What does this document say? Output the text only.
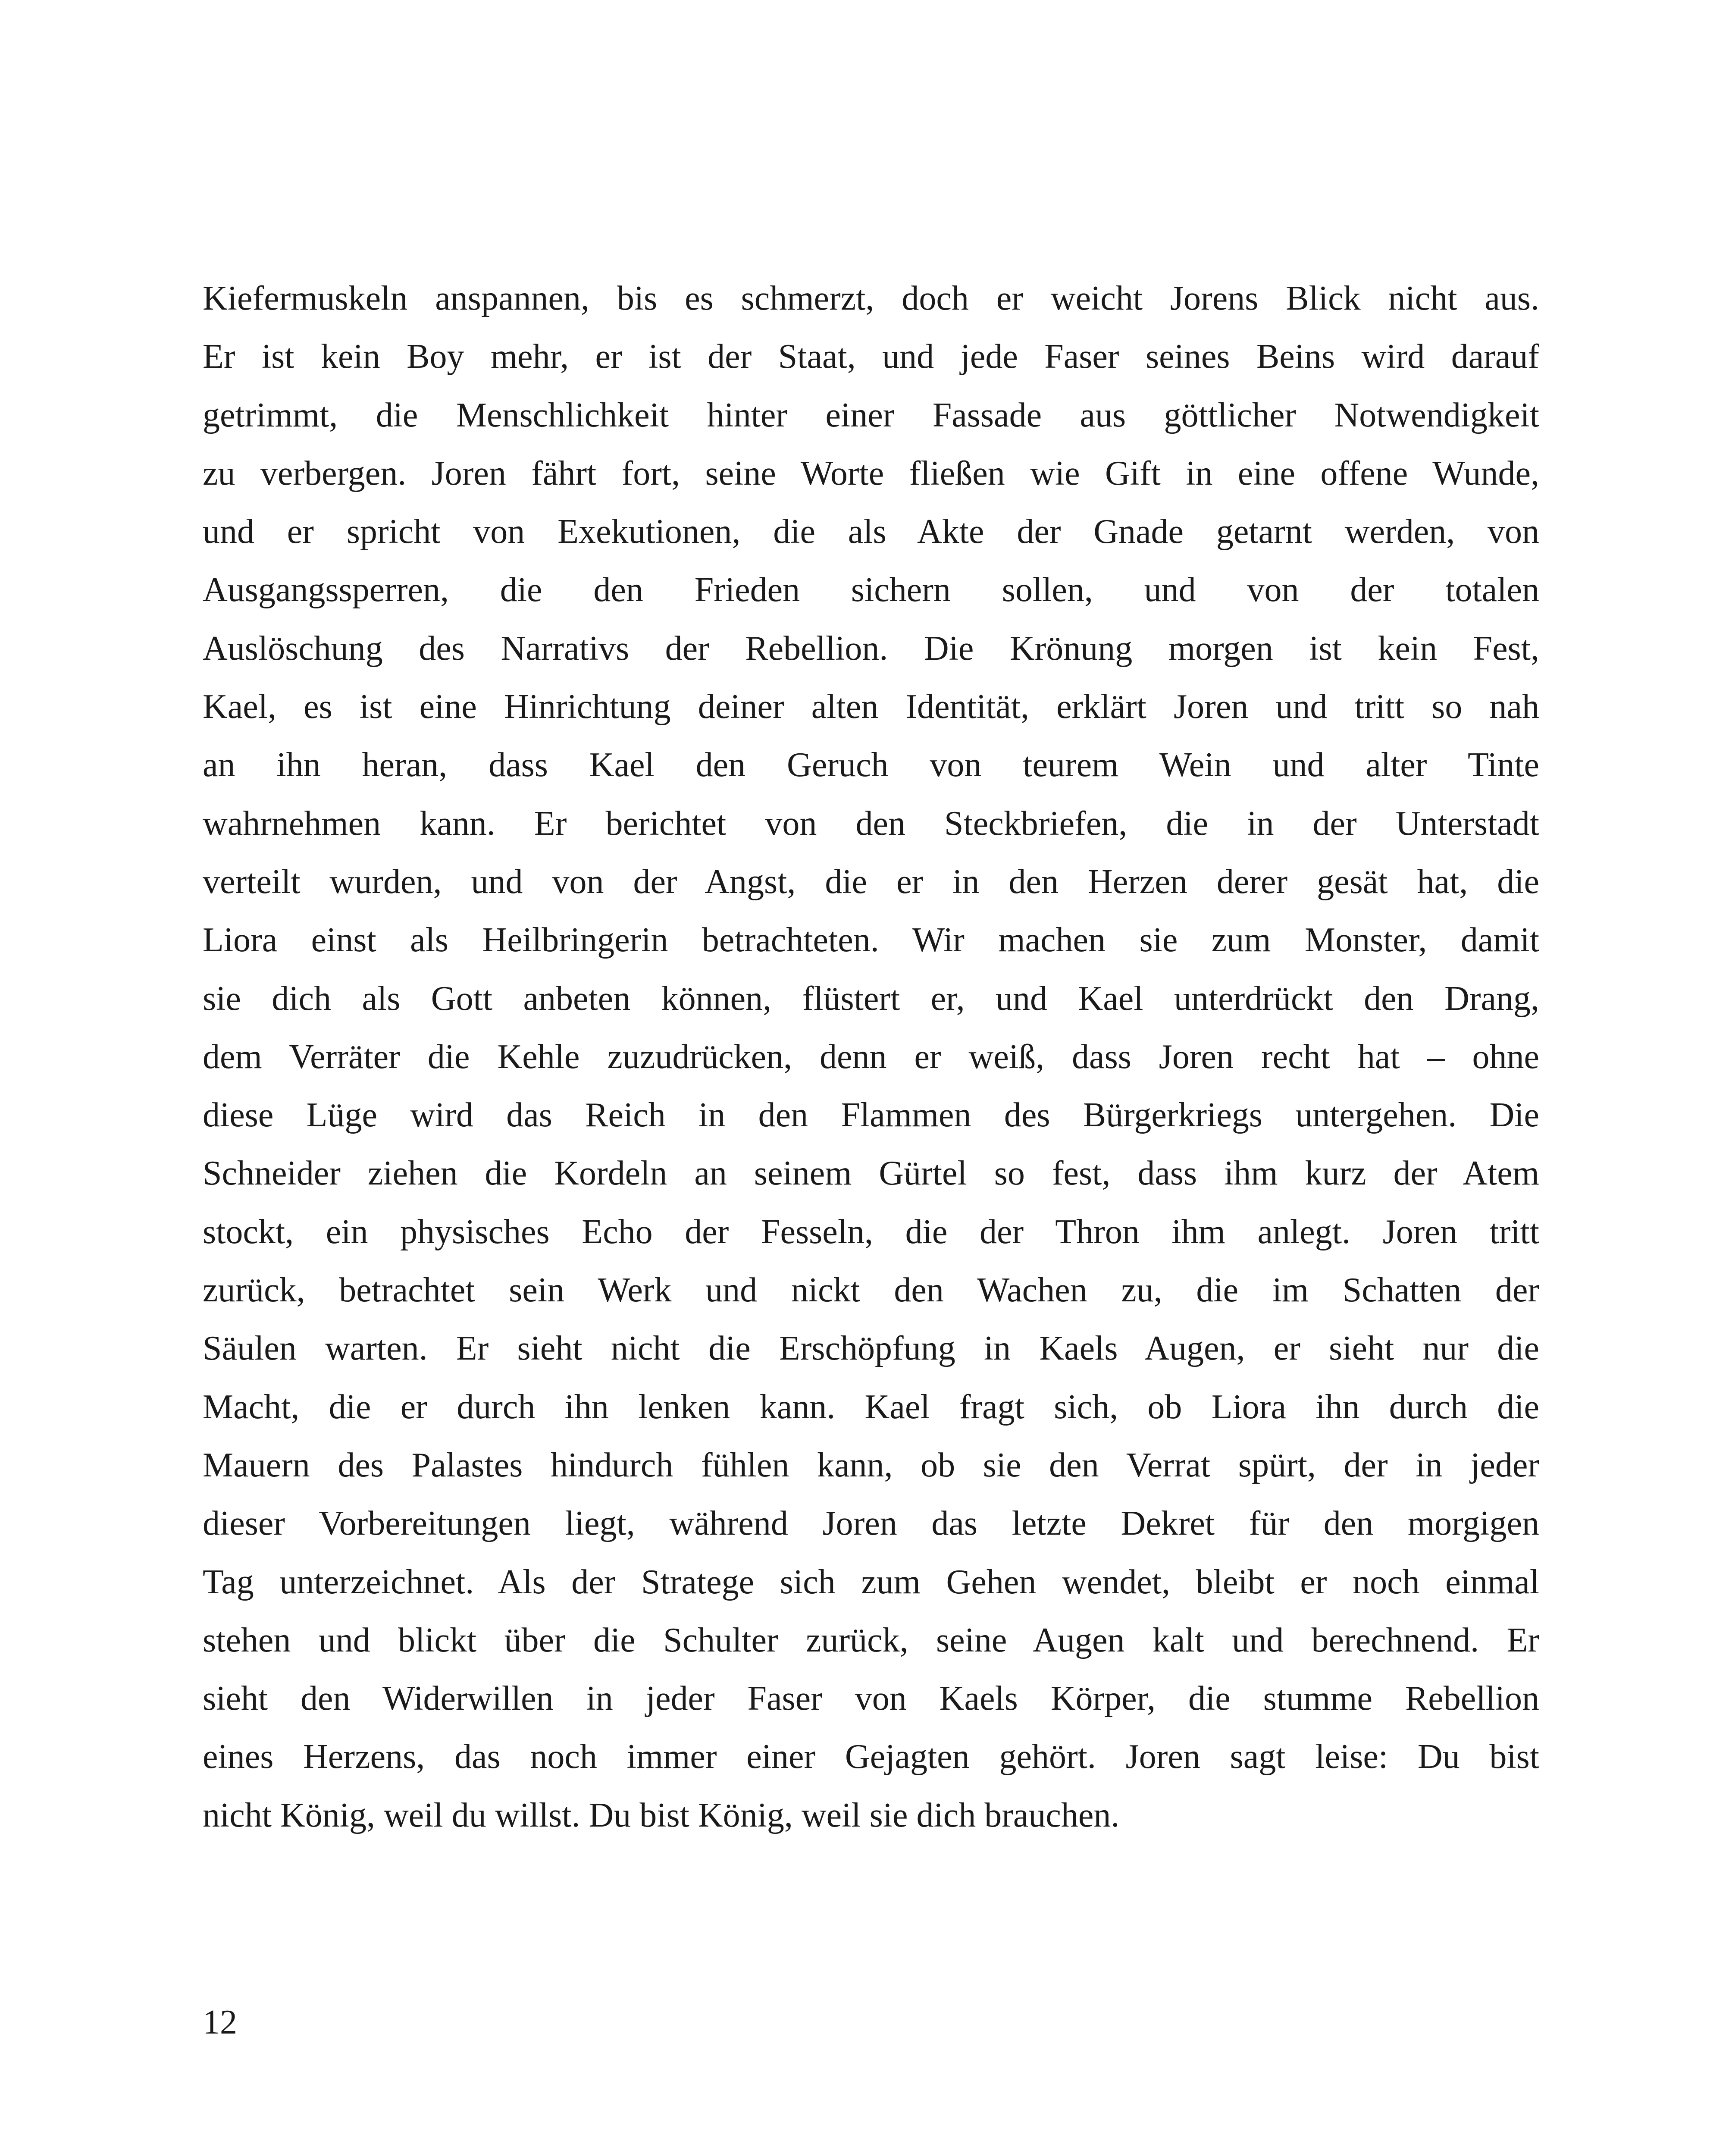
Kiefermuskeln anspannen, bis es schmerzt, doch er weicht Jorens Blick nicht aus.
Er ist kein Boy mehr, er ist der Staat, und jede Faser seines Beins wird darauf
getrimmt, die Menschlichkeit hinter einer Fassade aus göttlicher Notwendigkeit
zu verbergen. Joren fährt fort, seine Worte fließen wie Gift in eine offene Wunde,
und er spricht von Exekutionen, die als Akte der Gnade getarnt werden, von
Ausgangssperren, die den Frieden sichern sollen, und von der totalen
Auslöschung des Narrativs der Rebellion. Die Krönung morgen ist kein Fest,
Kael, es ist eine Hinrichtung deiner alten Identität, erklärt Joren und tritt so nah
an ihn heran, dass Kael den Geruch von teurem Wein und alter Tinte
wahrnehmen kann. Er berichtet von den Steckbriefen, die in der Unterstadt
verteilt wurden, und von der Angst, die er in den Herzen derer gesät hat, die
Liora einst als Heilbringerin betrachteten. Wir machen sie zum Monster, damit
sie dich als Gott anbeten können, flüstert er, und Kael unterdrückt den Drang,
dem Verräter die Kehle zuzudrücken, denn er weiß, dass Joren recht hat – ohne
diese Lüge wird das Reich in den Flammen des Bürgerkriegs untergehen. Die
Schneider ziehen die Kordeln an seinem Gürtel so fest, dass ihm kurz der Atem
stockt, ein physisches Echo der Fesseln, die der Thron ihm anlegt. Joren tritt
zurück, betrachtet sein Werk und nickt den Wachen zu, die im Schatten der
Säulen warten. Er sieht nicht die Erschöpfung in Kaels Augen, er sieht nur die
Macht, die er durch ihn lenken kann. Kael fragt sich, ob Liora ihn durch die
Mauern des Palastes hindurch fühlen kann, ob sie den Verrat spürt, der in jeder
dieser Vorbereitungen liegt, während Joren das letzte Dekret für den morgigen
Tag unterzeichnet. Als der Stratege sich zum Gehen wendet, bleibt er noch einmal
stehen und blickt über die Schulter zurück, seine Augen kalt und berechnend. Er
sieht den Widerwillen in jeder Faser von Kaels Körper, die stumme Rebellion
eines Herzens, das noch immer einer Gejagten gehört. Joren sagt leise: Du bist
nicht König, weil du willst. Du bist König, weil sie dich brauchen.
12
